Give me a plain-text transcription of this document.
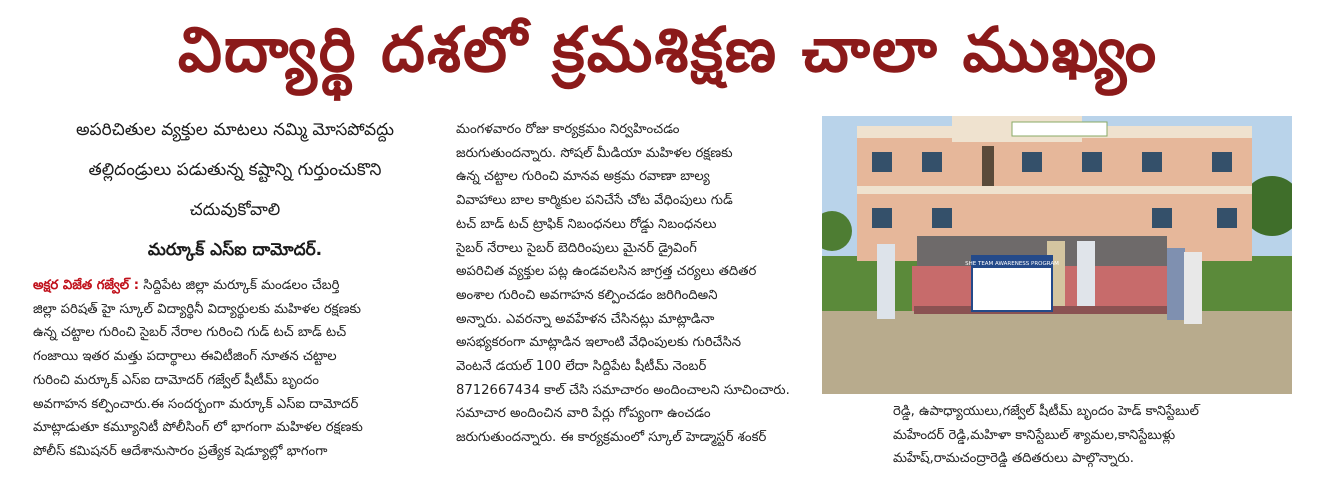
విద్యార్థి దశలో క్రమశిక్షణ చాలా ముఖ్యం
అపరిచితుల వ్యక్తుల మాటలు నమ్మి మోసపోవద్దు
తల్లిదండ్రులు పడుతున్న కష్టాన్ని గుర్తుంచుకొని
చదువుకోవాలి
మర్కూక్ ఎస్ఐ దామోదర్.
అక్షర విజేత గజ్వేల్ : సిద్దిపేట జిల్లా మర్కూక్ మండలం చేబర్తి
జిల్లా పరిషత్ హై స్కూల్ విద్యార్థినీ విద్యార్థులకు మహిళల రక్షణకు
ఉన్న చట్టాల గురించి సైబర్ నేరాల గురించి గుడ్ టచ్ బాడ్ టచ్
గంజాయి ఇతర మత్తు పదార్థాలు ఈవిటీజింగ్ నూతన చట్టాల
గురించి మర్కూక్ ఎస్ఐ దామోదర్ గజ్వేల్ షీటీమ్ బృందం
అవగాహన కల్పించారు.ఈ సందర్బంగా మర్కూక్ ఎస్ఐ దామోదర్
మాట్లాడుతూ కమ్యూనిటీ పోలీసింగ్ లో భాగంగా మహిళల రక్షణకు
పోలీస్ కమిషనర్ ఆదేశానుసారం ప్రత్యేక షెడ్యూల్లో భాగంగా
మంగళవారం రోజు కార్యక్రమం నిర్వహించడం
జరుగుతుందన్నారు. సోషల్ మీడియా మహిళల రక్షణకు
ఉన్న చట్టాల గురించి మానవ అక్రమ రవాణా బాల్య
వివాహాలు బాల కార్మికుల పనిచేసే చోట వేధింపులు గుడ్
టచ్ బాడ్ టచ్ ట్రాఫిక్ నిబంధనలు రోడ్డు నిబంధనలు
సైబర్ నేరాలు సైబర్ బెదిరింపులు మైనర్ డ్రైవింగ్
అపరిచిత వ్యక్తుల పట్ల ఉండవలసిన జాగ్రత్త చర్యలు తదితర
అంశాల గురించి అవగాహన కల్పించడం జరిగిందిఅని
అన్నారు. ఎవరన్నా అవహేళన చేసినట్లు మాట్లాడినా
అసభ్యకరంగా మాట్లాడిన ఇలాంటి వేధింపులకు గురిచేసిన
వెంటనే డయల్ 100 లేదా సిద్దిపేట షీటీమ్ నెంబర్
8712667434 కాల్ చేసి సమాచారం అందించాలని సూచించారు.
సమాచార అందించిన వారి పేర్లు గోప్యంగా ఉంచడం
జరుగుతుందన్నారు. ఈ కార్యక్రమంలో స్కూల్ హెడ్మాస్టర్ శంకర్
రెడ్డి, ఉపాధ్యాయులు,గజ్వేల్ షీటీమ్ బృందం హెడ్ కానిస్టేబుల్
మహేందర్ రెడ్డి,మహిళా కానిస్టేబుల్ శ్యామల,కానిస్టేబుళ్లు
మహేష్,రామచంద్రారెడ్డి తదితరులు పాల్గొన్నారు.
SHE TEAM AWARENESS PROGRAM
